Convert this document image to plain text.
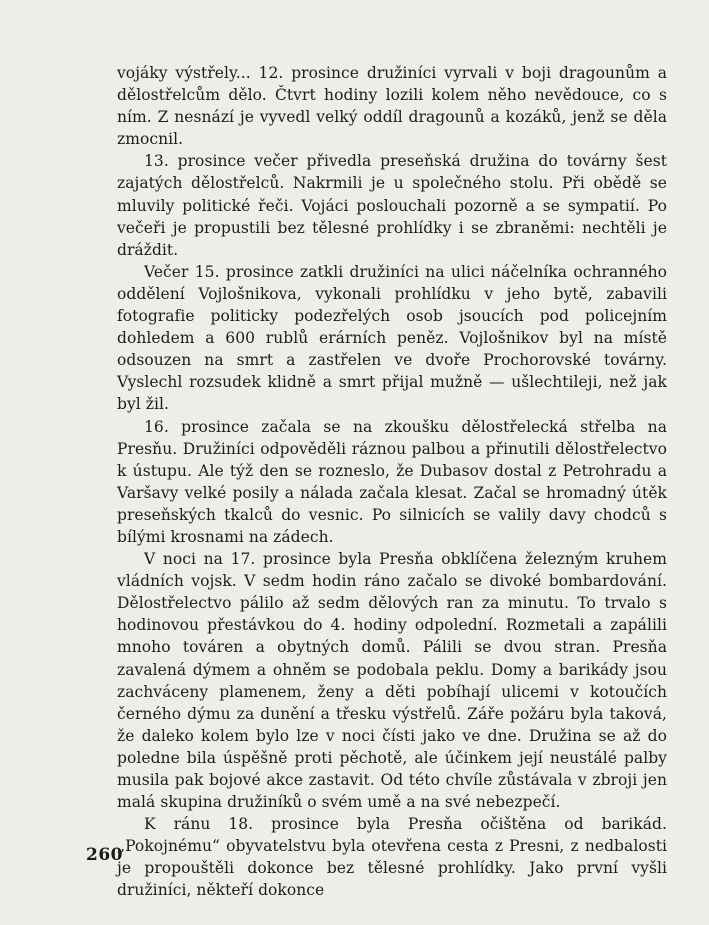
vojáky výstřely... 12. prosince družiníci vyrvali v boji dragounům a dělostřelcům dělo. Čtvrt hodiny lozili kolem něho nevědouce, co s ním. Z nesnází je vyvedl velký oddíl dragounů a kozáků, jenž se děla zmocnil.

13. prosince večer přivedla preseňská družina do továrny šest zajatých dělostřelců. Nakrmili je u společného stolu. Při obědě se mluvily politické řeči. Vojáci poslouchali pozorně a se sympatií. Po večeři je propustili bez tělesné prohlídky i se zbraněmi: nechtěli je dráždit.

Večer 15. prosince zatkli družiníci na ulici náčelníka ochranného oddělení Vojlošnikova, vykonali prohlídku v jeho bytě, zabavili fotografie politicky podezřelých osob jsoucích pod policejním dohledem a 600 rublů erárních peněz. Vojlošnikov byl na místě odsouzen na smrt a zastřelen ve dvoře Prochorovské továrny. Vyslechl rozsudek klidně a smrt přijal mužně — ušlechtileji, než jak byl žil.

16. prosince začala se na zkoušku dělostřelecká střelba na Presňu. Družiníci odpověděli ráznou palbou a přinutili dělostřelectvo k ústupu. Ale týž den se rozneslo, že Dubasov dostal z Petrohradu a Varšavy velké posily a nálada začala klesat. Začal se hromadný útěk preseňských tkalců do vesnic. Po silnicích se valily davy chodců s bílými krosnami na zádech.

V noci na 17. prosince byla Presňa obklíčena železným kruhem vládních vojsk. V sedm hodin ráno začalo se divoké bombardování. Dělostřelectvo pálilo až sedm dělových ran za minutu. To trvalo s hodinovou přestávkou do 4. hodiny odpolední. Rozmetali a zapálili mnoho továren a obytných domů. Pálili se dvou stran. Presňa zavalená dýmem a ohněm se podobala peklu. Domy a barikády jsou zachváceny plamenem, ženy a děti pobíhají ulicemi v kotoučích černého dýmu za dunění a třesku výstřelů. Záře požáru byla taková, že daleko kolem bylo lze v noci čísti jako ve dne. Družina se až do poledne bila úspěšně proti pěchotě, ale účinkem její neustálé palby musila pak bojové akce zastavit. Od této chvíle zůstávala v zbroji jen malá skupina družiníků o svém umě a na své nebezpečí.

K ránu 18. prosince byla Presňa očištěna od barikád. „Pokojnému“ obyvatelstvu byla otevřena cesta z Presni, z nedbalosti je propouštěli dokonce bez tělesné prohlídky. Jako první vyšli družiníci, někteří dokonce

260
